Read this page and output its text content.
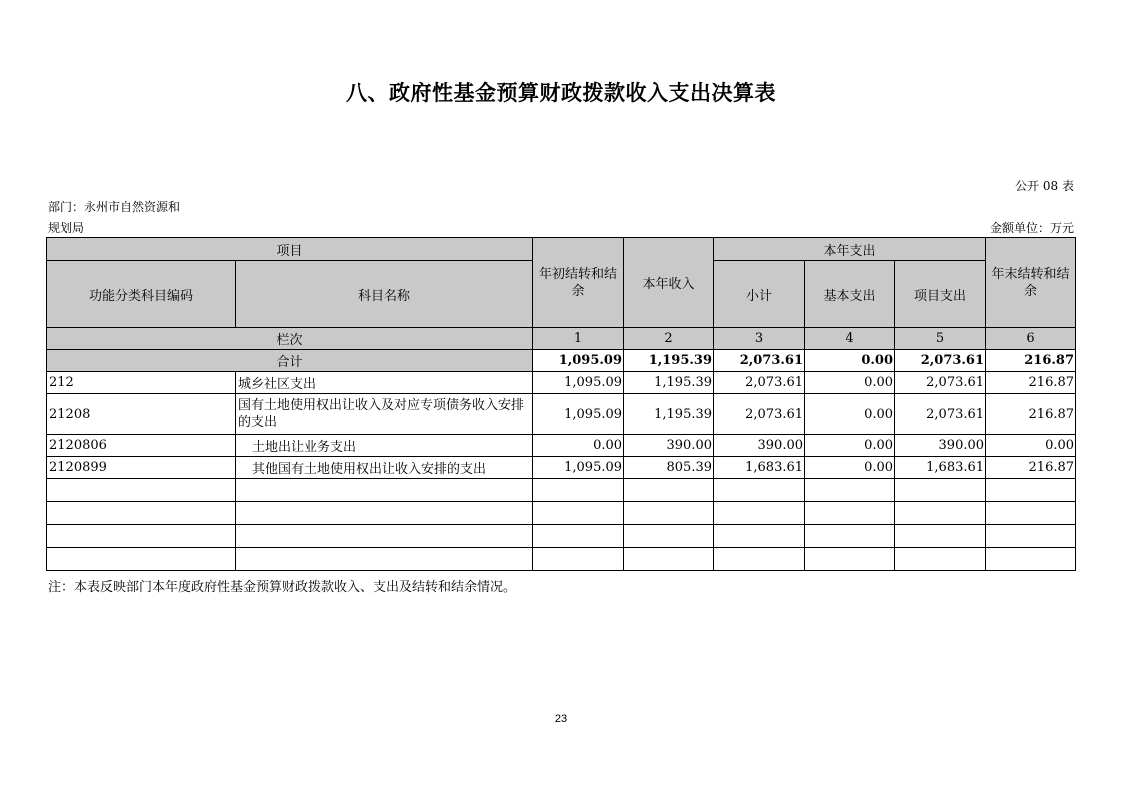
八、政府性基金预算财政拨款收入支出决算表
公开 08 表
部门：永州市自然资源和
规划局	金额单位：万元
项目		年初结转和结余	本年收入	本年支出			年末结转和结余
功能分类科目编码	科目名称			小计	基本支出	项目支出	
栏次		1	2	3	4	5	6
合计		1,095.09	1,195.39	2,073.61	0.00	2,073.61	216.87
212	城乡社区支出	1,095.09	1,195.39	2,073.61	0.00	2,073.61	216.87
21208	国有土地使用权出让收入及对应专项债务收入安排的支出	1,095.09	1,195.39	2,073.61	0.00	2,073.61	216.87
2120806	土地出让业务支出	0.00	390.00	390.00	0.00	390.00	0.00
2120899	其他国有土地使用权出让收入安排的支出	1,095.09	805.39	1,683.61	0.00	1,683.61	216.87

注：本表反映部门本年度政府性基金预算财政拨款收入、支出及结转和结余情况。
23
